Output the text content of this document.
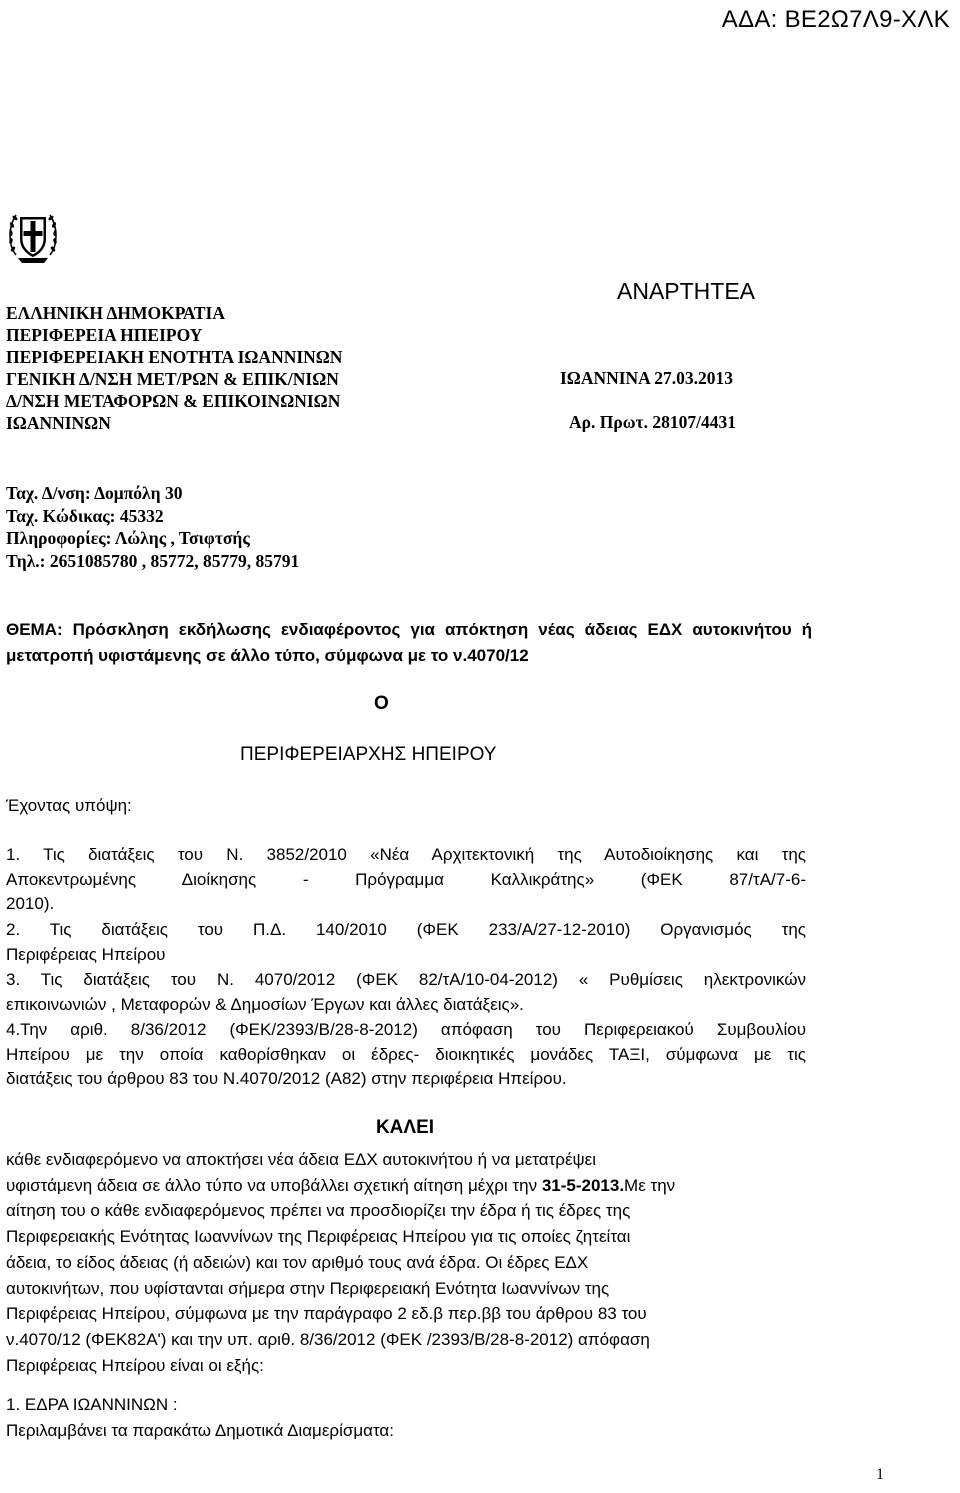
ΑΔΑ: ΒΕ2Ω7Λ9-ΧΛΚ
ΕΛΛΗΝΙΚΗ ΔΗΜΟΚΡΑΤΙΑ
ΠΕΡΙΦΕΡΕΙΑ ΗΠΕΙΡΟΥ
ΠΕΡΙΦΕΡΕΙΑΚΗ ΕΝΟΤΗΤΑ ΙΩΑΝΝΙΝΩΝ
ΓΕΝΙΚΗ Δ/ΝΣΗ ΜΕΤ/ΡΩΝ & ΕΠΙΚ/ΝΙΩΝ
Δ/ΝΣΗ ΜΕΤΑΦΟΡΩΝ & ΕΠΙΚΟΙΝΩΝΙΩΝ
ΙΩΑΝΝΙΝΩΝ
ΑΝΑΡΤΗΤΕΑ
ΙΩΑΝΝΙΝΑ 27.03.2013
Αρ. Πρωτ. 28107/4431
Ταχ. Δ/νση: Δομπόλη 30
Ταχ. Κώδικας: 45332
Πληροφορίες: Λώλης , Τσιφτσής
Τηλ.: 2651085780 , 85772, 85779, 85791
ΘΕΜΑ: Πρόσκληση εκδήλωσης ενδιαφέροντος για απόκτηση νέας άδειας ΕΔΧ αυτοκινήτου ή μετατροπή υφιστάμενης σε άλλο τύπο, σύμφωνα με το ν.4070/12
Ο
ΠΕΡΙΦΕΡΕΙΑΡΧΗΣ ΗΠΕΙΡΟΥ
Έχοντας υπόψη:
1. Τις διατάξεις του Ν. 3852/2010 «Νέα Αρχιτεκτονική της Αυτοδιοίκησης και της
Αποκεντρωμένης Διοίκησης - Πρόγραμμα Καλλικράτης» (ΦΕΚ 87/τΑ/7-6-
2010).
2. Τις διατάξεις του Π.Δ. 140/2010 (ΦΕΚ 233/Α/27-12-2010) Οργανισμός της
Περιφέρειας Ηπείρου
3. Τις διατάξεις του Ν. 4070/2012 (ΦΕΚ 82/τΑ/10-04-2012) « Ρυθμίσεις ηλεκτρονικών
επικοινωνιών , Μεταφορών & Δημοσίων Έργων και άλλες διατάξεις».
4.Την αριθ. 8/36/2012 (ΦΕΚ/2393/Β/28-8-2012) απόφαση του Περιφερειακού Συμβουλίου
Ηπείρου με την οποία καθορίσθηκαν οι έδρες- διοικητικές μονάδες ΤΑΞΙ, σύμφωνα με τις
διατάξεις του άρθρου 83 του Ν.4070/2012 (Α82) στην περιφέρεια Ηπείρου.
ΚΑΛΕΙ
κάθε ενδιαφερόμενο να αποκτήσει νέα άδεια ΕΔΧ αυτοκινήτου ή να μετατρέψει
υφιστάμενη άδεια σε άλλο τύπο να υποβάλλει σχετική αίτηση μέχρι την 31-5-2013.Με την
αίτηση του ο κάθε ενδιαφερόμενος πρέπει να προσδιορίζει την έδρα ή τις έδρες της
Περιφερειακής Ενότητας Ιωαννίνων της Περιφέρειας Ηπείρου για τις οποίες ζητείται
άδεια, το είδος άδειας (ή αδειών) και τον αριθμό τους ανά έδρα. Οι έδρες ΕΔΧ
αυτοκινήτων, που υφίστανται σήμερα στην Περιφερειακή Ενότητα Ιωαννίνων της
Περιφέρειας Ηπείρου, σύμφωνα με την παράγραφο 2 εδ.β περ.ββ του άρθρου 83 του
ν.4070/12 (ΦΕΚ82Α') και την υπ. αριθ. 8/36/2012 (ΦΕΚ /2393/Β/28-8-2012) απόφαση
Περιφέρειας Ηπείρου είναι οι εξής:
1. ΕΔΡΑ ΙΩΑΝΝΙΝΩΝ :
Περιλαμβάνει τα παρακάτω Δημοτικά Διαμερίσματα:
1
